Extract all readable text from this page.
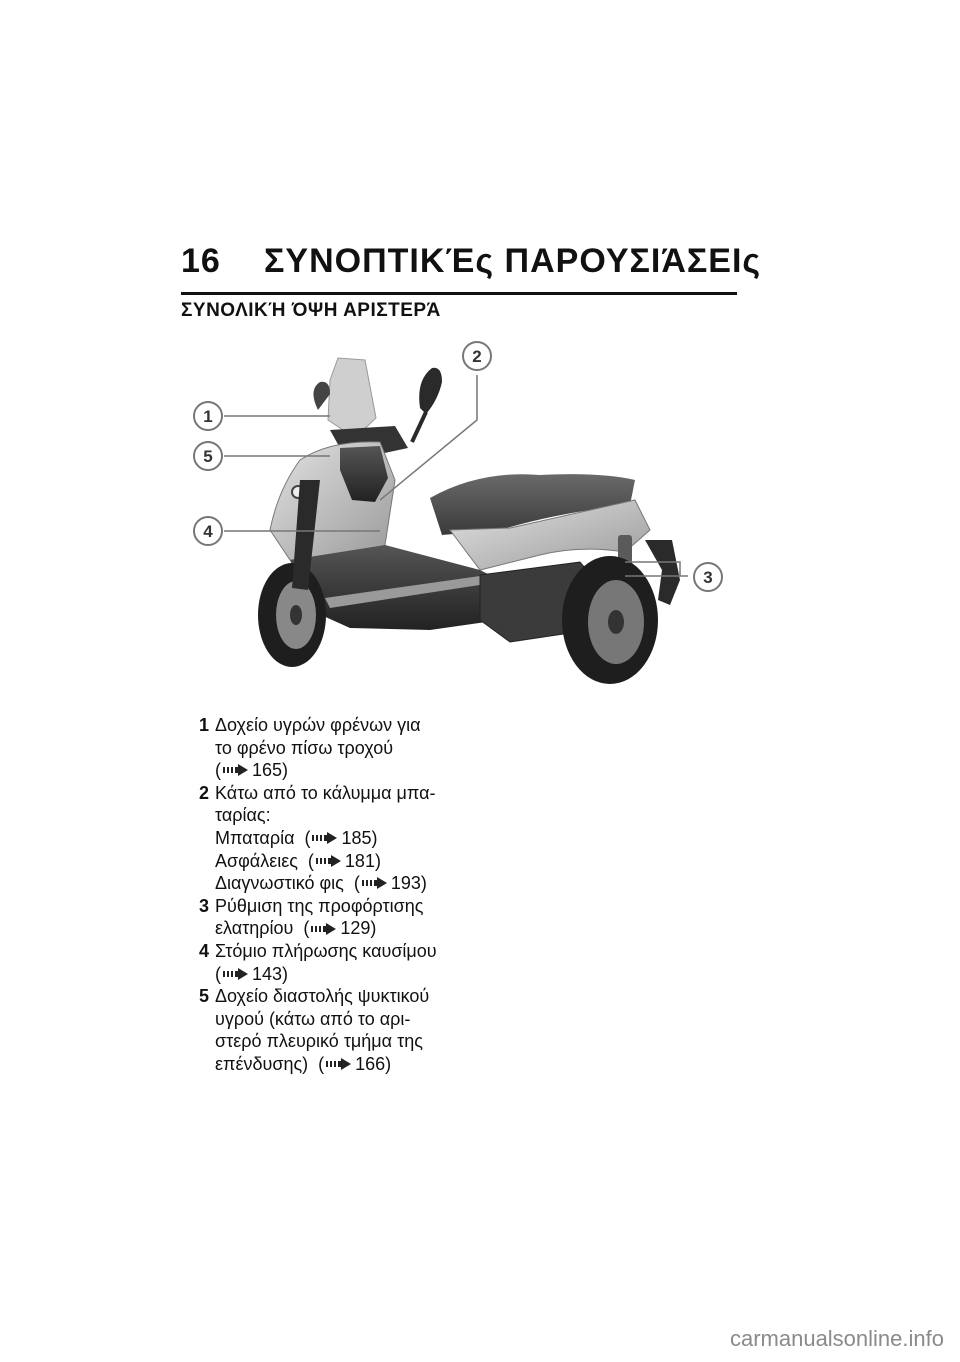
16 ΣΥΝΟΠΤΙΚΈς ΠΑΡΟΥΣΙΆΣΕΙς
ΣΥΝΟΛΙΚΉ ΌΨΗ ΑΡΙΣΤΕΡΆ
1
5
4
2
3
1 Δοχείο υγρών φρένων για
το φρένο πίσω τροχού
( 165)
2 Κάτω από το κάλυμμα μπα-
ταρίας:
Μπαταρία  ( 185)
Ασφάλειες  ( 181)
Διαγνωστικό φις  ( 193)
3 Ρύθμιση της προφόρτισης
ελατηρίου  ( 129)
4 Στόμιο πλήρωσης καυσίμου
( 143)
5 Δοχείο διαστολής ψυκτικού
υγρού (κάτω από το αρι-
στερό πλευρικό τμήμα της
επένδυσης)  ( 166)
carmanualsonline.info
